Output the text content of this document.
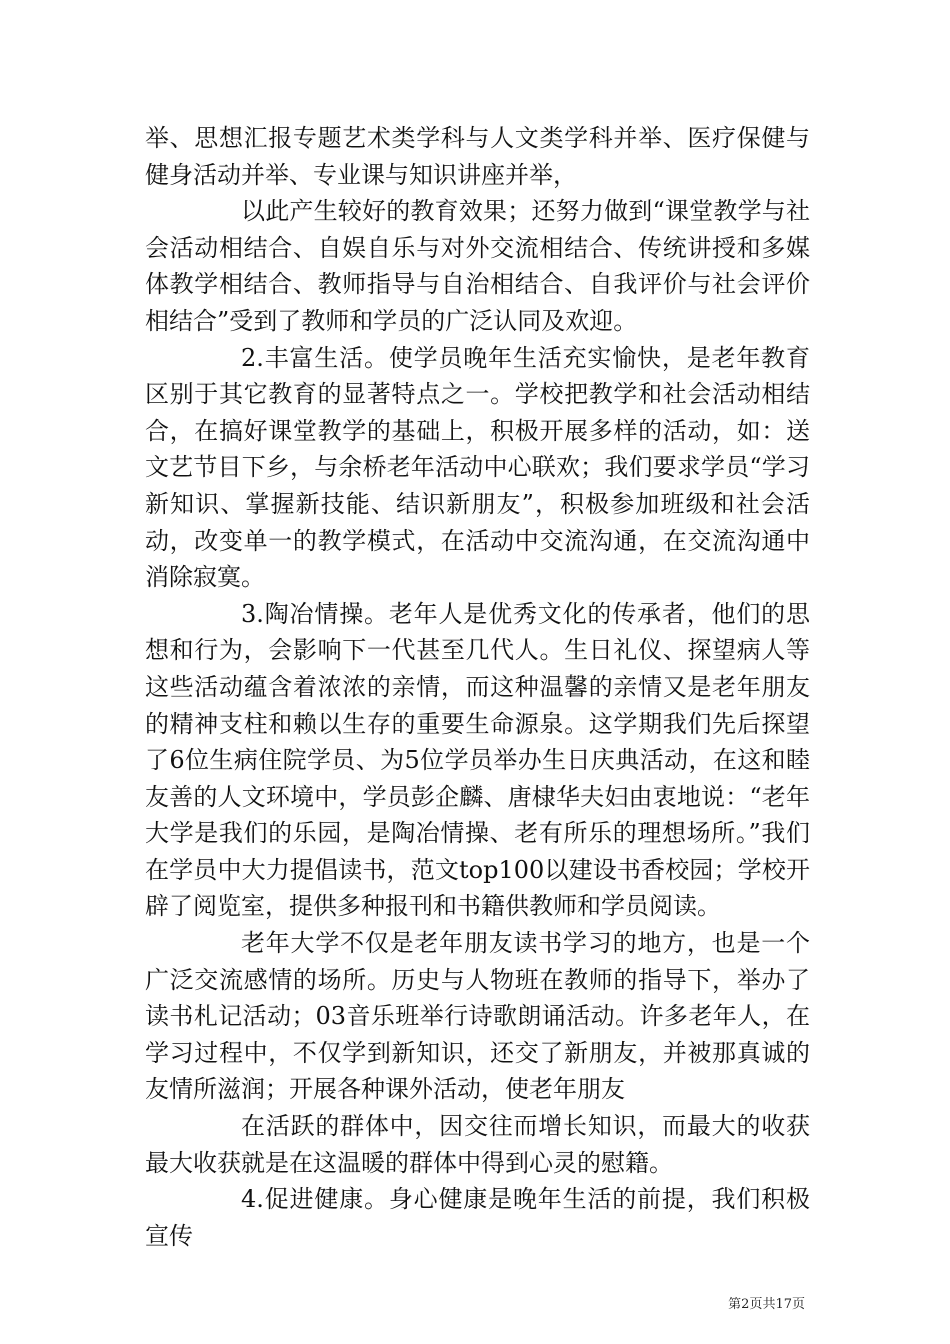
举、思想汇报专题艺术类学科与人文类学科并举、医疗保健与健身活动并举、专业课与知识讲座并举，

以此产生较好的教育效果；还努力做到“课堂教学与社会活动相结合、自娱自乐与对外交流相结合、传统讲授和多媒体教学相结合、教师指导与自治相结合、自我评价与社会评价相结合”受到了教师和学员的广泛认同及欢迎。

2.丰富生活。使学员晚年生活充实愉快，是老年教育区别于其它教育的显著特点之一。学校把教学和社会活动相结合，在搞好课堂教学的基础上，积极开展多样的活动，如：送文艺节目下乡，与余桥老年活动中心联欢；我们要求学员“学习新知识、掌握新技能、结识新朋友”，积极参加班级和社会活动，改变单一的教学模式，在活动中交流沟通，在交流沟通中消除寂寞。

3.陶冶情操。老年人是优秀文化的传承者，他们的思想和行为，会影响下一代甚至几代人。生日礼仪、探望病人等这些活动蕴含着浓浓的亲情，而这种温馨的亲情又是老年朋友的精神支柱和赖以生存的重要生命源泉。这学期我们先后探望了6位生病住院学员、为5位学员举办生日庆典活动，在这和睦友善的人文环境中，学员彭企麟、唐棣华夫妇由衷地说：“老年大学是我们的乐园，是陶冶情操、老有所乐的理想场所。”我们在学员中大力提倡读书，范文top100以建设书香校园；学校开辟了阅览室，提供多种报刊和书籍供教师和学员阅读。

老年大学不仅是老年朋友读书学习的地方，也是一个广泛交流感情的场所。历史与人物班在教师的指导下，举办了读书札记活动；03音乐班举行诗歌朗诵活动。许多老年人，在学习过程中，不仅学到新知识，还交了新朋友，并被那真诚的友情所滋润；开展各种课外活动，使老年朋友

在活跃的群体中，因交往而增长知识，而最大的收获最大收获就是在这温暖的群体中得到心灵的慰籍。

4.促进健康。身心健康是晚年生活的前提，我们积极宣传

第2页共17页
